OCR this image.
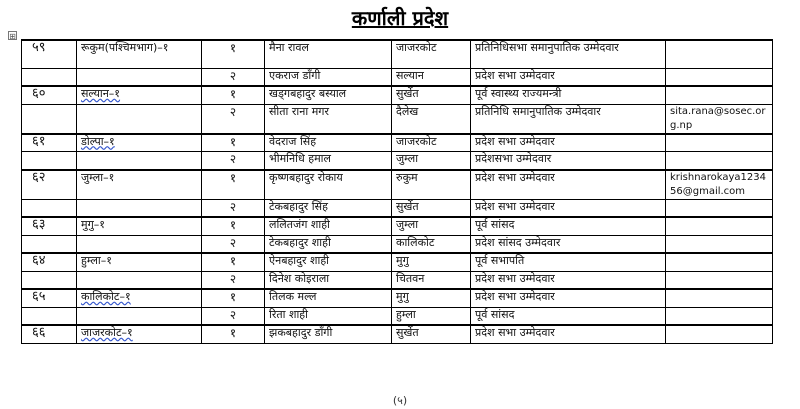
कर्णाली प्रदेश
⊞
५९	रूकुम(पश्चिमभाग)–१	१	मैना रावल	जाजरकोट	प्रतिनिधिसभा समानुपातिक उम्मेदवार	
		२	एकराज डाँगी	सल्यान	प्रदेश सभा उम्मेदवार	
६०	सल्यान–१	१	खड्गबहादुर बस्याल	सुर्खेत	पूर्व स्वास्थ्य राज्यमन्त्री	
		२	सीता राना मगर	दैलेख	प्रतिनिधि समानुपातिक उम्मेदवार	sita.rana@sosec.org.np
६१	डोल्पा–१	१	वेदराज सिंह	जाजरकोट	प्रदेश सभा उम्मेदवार	
		२	भीमनिधि हमाल	जुम्ला	प्रदेशसभा उम्मेदवार	
६२	जुम्ला–१	१	कृष्णबहादुर रोकाय	रुकुम	प्रदेश सभा उम्मेदवार	krishnarokaya123456@gmail.com
		२	टेकबहादुर सिंह	सुर्खेत	प्रदेश सभा उम्मेदवार	
६३	मुगु–१	१	ललितजंग शाही	जुम्ला	पूर्व सांसद	
		२	टेकबहादुर शाही	कालिकोट	प्रदेश सांसद उम्मेदवार	
६४	हुम्ला–१	१	ऐनबहादुर शाही	मुगु	पूर्व सभापति	
		२	दिनेश कोइराला	चितवन	प्रदेश सभा उम्मेदवार	
६५	कालिकोट–१	१	तिलक मल्ल	मुगु	प्रदेश सभा उम्मेदवार	
		२	रिता शाही	हुम्ला	पूर्व सांसद	
६६	जाजरकोट–१	१	झकबहादुर डाँगी	सुर्खेत	प्रदेश सभा उम्मेदवार	
(५)
